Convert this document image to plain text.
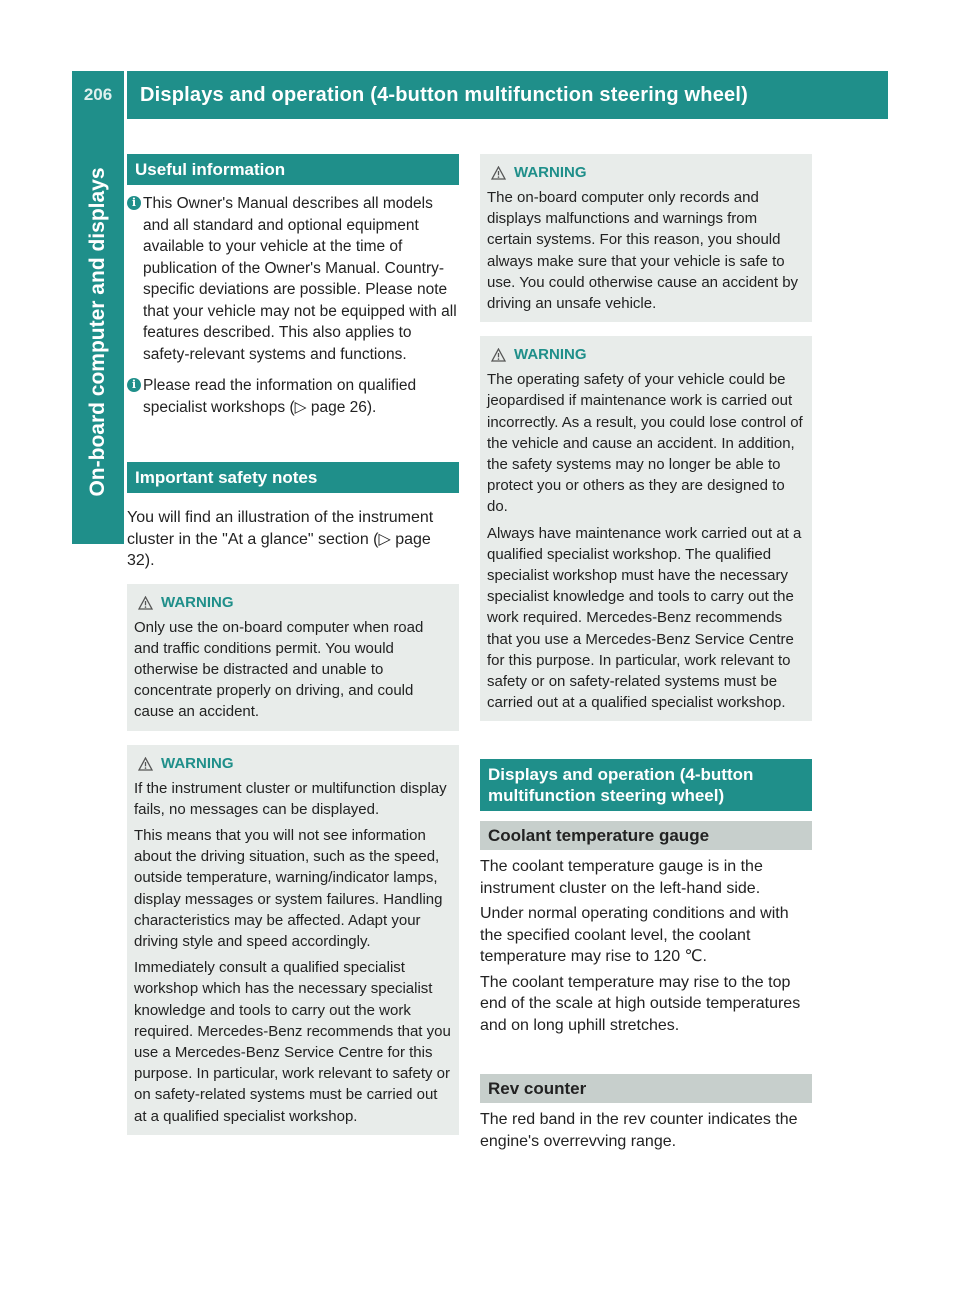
206	Displays and operation (4-button multifunction steering wheel)
On-board computer and displays	Useful information

i This Owner's Manual describes all models and all standard and optional equipment available to your vehicle at the time of publication of the Owner's Manual. Country-specific deviations are possible. Please note that your vehicle may not be equipped with all features described. This also applies to safety-relevant systems and functions.

i Please read the information on qualified specialist workshops (▷ page 26).

Important safety notes

You will find an illustration of the instrument cluster in the "At a glance" section (▷ page 32).

WARNING

Only use the on-board computer when road and traffic conditions permit. You would otherwise be distracted and unable to concentrate properly on driving, and could cause an accident.

WARNING

If the instrument cluster or multifunction display fails, no messages can be displayed.

This means that you will not see information about the driving situation, such as the speed, outside temperature, warning/indicator lamps, display messages or system failures. Handling characteristics may be affected. Adapt your driving style and speed accordingly.

Immediately consult a qualified specialist workshop which has the necessary specialist knowledge and tools to carry out the work required. Mercedes-Benz recommends that you use a Mercedes-Benz Service Centre for this purpose. In particular, work relevant to safety or on safety-related systems must be carried out at a qualified specialist workshop.

WARNING

The on-board computer only records and displays malfunctions and warnings from certain systems. For this reason, you should always make sure that your vehicle is safe to use. You could otherwise cause an accident by driving an unsafe vehicle.

WARNING

The operating safety of your vehicle could be jeopardised if maintenance work is carried out incorrectly. As a result, you could lose control of the vehicle and cause an accident. In addition, the safety systems may no longer be able to protect you or others as they are designed to do.

Always have maintenance work carried out at a qualified specialist workshop. The qualified specialist workshop must have the necessary specialist knowledge and tools to carry out the work required. Mercedes-Benz recommends that you use a Mercedes-Benz Service Centre for this purpose. In particular, work relevant to safety or on safety-related systems must be carried out at a qualified specialist workshop.

Displays and operation (4-button multifunction steering wheel)
Coolant temperature gauge

The coolant temperature gauge is in the instrument cluster on the left-hand side.

Under normal operating conditions and with the specified coolant level, the coolant temperature may rise to 120 ℃.

The coolant temperature may rise to the top end of the scale at high outside temperatures and on long uphill stretches.

Rev counter

The red band in the rev counter indicates the engine's overrevving range.
